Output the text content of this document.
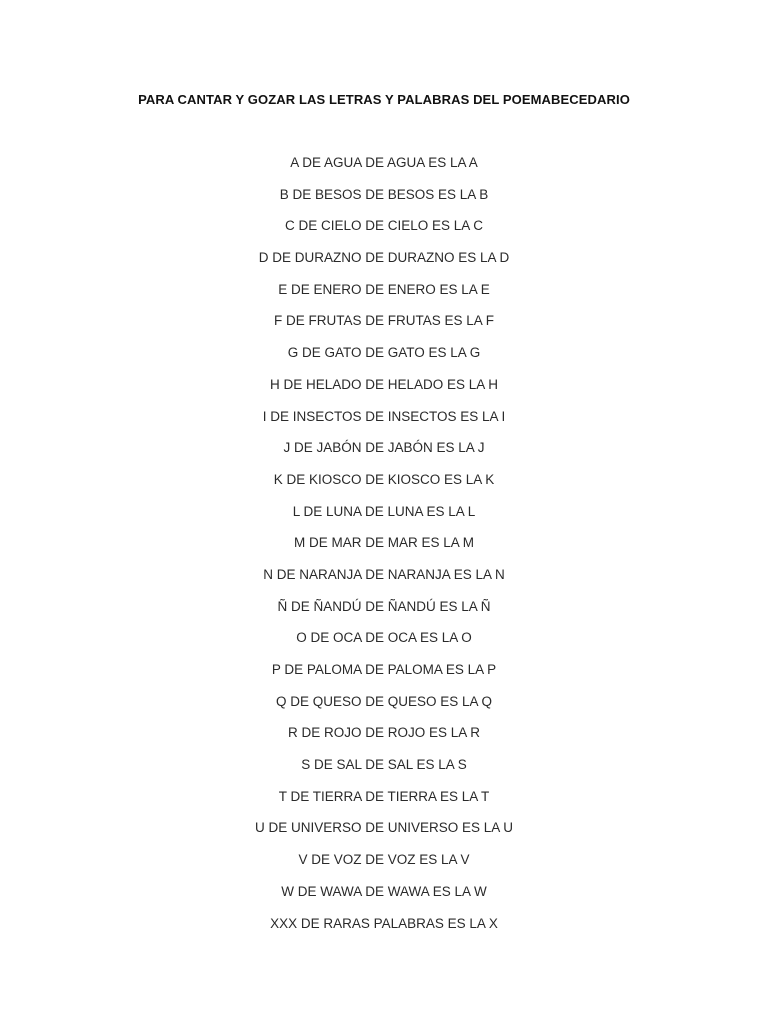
PARA CANTAR Y GOZAR LAS LETRAS Y PALABRAS DEL POEMABECEDARIO
A DE AGUA DE AGUA ES LA A
B DE BESOS DE BESOS ES LA B
C DE CIELO DE CIELO ES LA C
D DE DURAZNO DE DURAZNO ES LA D
E DE ENERO DE ENERO ES LA E
F DE FRUTAS DE FRUTAS ES LA F
G DE GATO DE GATO ES LA G
H DE HELADO DE HELADO ES LA H
I DE INSECTOS DE INSECTOS ES LA I
J DE JABÓN DE JABÓN ES LA J
K DE KIOSCO DE KIOSCO ES LA K
L DE LUNA DE LUNA ES LA L
M DE MAR DE MAR ES LA M
N DE NARANJA DE NARANJA ES LA N
Ñ DE ÑANDÚ DE ÑANDÚ ES LA Ñ
O DE OCA DE OCA ES LA O
P DE PALOMA DE PALOMA ES LA P
Q DE QUESO DE QUESO ES LA Q
R DE ROJO DE ROJO ES LA R
S DE SAL DE SAL ES LA S
T DE TIERRA DE TIERRA ES LA T
U DE UNIVERSO DE UNIVERSO ES LA U
V DE VOZ DE VOZ ES LA V
W DE WAWA DE WAWA ES LA W
XXX DE RARAS PALABRAS ES LA X
